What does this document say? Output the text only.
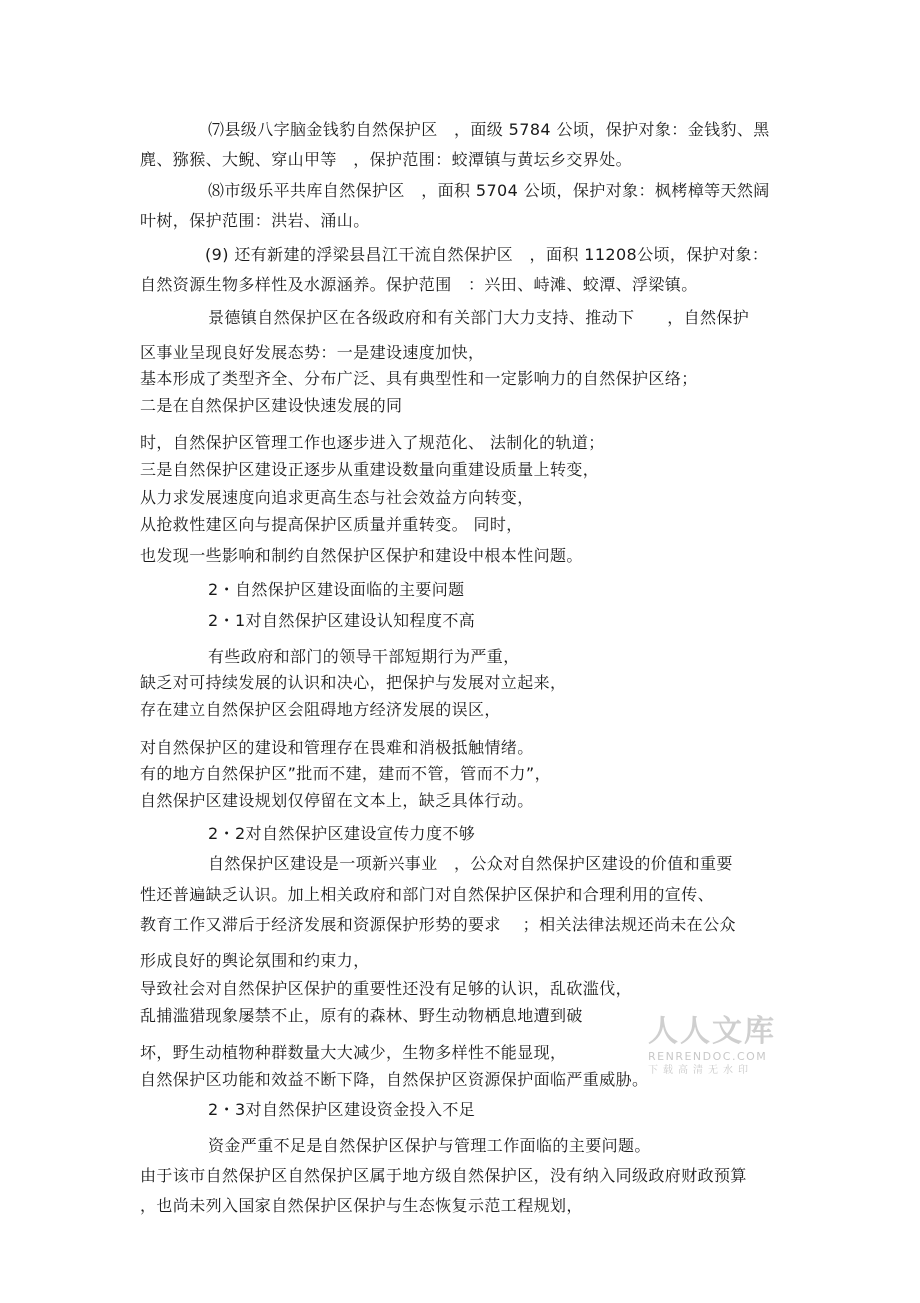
⑺县级八字脑金钱豹自然保护区　，面级 5784 公顷，保护对象：金钱豹、黑
麂、猕猴、大鲵、穿山甲等　，保护范围：蛟潭镇与黄坛乡交界处。
⑻市级乐平共库自然保护区　，面积 5704 公顷，保护对象：枫栲樟等天然阔
叶树，保护范围：洪岩、涌山。
(9) 还有新建的浮梁县昌江干流自然保护区　，面积 11208公顷，保护对象：
自然资源生物多样性及水源涵养。保护范围　：兴田、峙滩、蛟潭、浮梁镇。
景德镇自然保护区在各级政府和有关部门大力支持、推动下　　，自然保护
区事业呈现良好发展态势：一是建设速度加快，
基本形成了类型齐全、分布广泛、具有典型性和一定影响力的自然保护区络；
二是在自然保护区建设快速发展的同
时，自然保护区管理工作也逐步进入了规范化、 法制化的轨道；
三是自然保护区建设正逐步从重建设数量向重建设质量上转变，
从力求发展速度向追求更高生态与社会效益方向转变，
从抢救性建区向与提高保护区质量并重转变。 同时，
也发现一些影响和制约自然保护区保护和建设中根本性问题。
2・自然保护区建设面临的主要问题
2・1对自然保护区建设认知程度不高
有些政府和部门的领导干部短期行为严重，
缺乏对可持续发展的认识和决心，把保护与发展对立起来，
存在建立自然保护区会阻碍地方经济发展的误区，
对自然保护区的建设和管理存在畏难和消极抵触情绪。
有的地方自然保护区”批而不建，建而不管，管而不力”，
自然保护区建设规划仅停留在文本上，缺乏具体行动。
2・2对自然保护区建设宣传力度不够
自然保护区建设是一项新兴事业　，公众对自然保护区建设的价值和重要
性还普遍缺乏认识。加上相关政府和部门对自然保护区保护和合理利用的宣传、
教育工作又滞后于经济发展和资源保护形势的要求　 ；相关法律法规还尚未在公众
形成良好的舆论氛围和约束力，
导致社会对自然保护区保护的重要性还没有足够的认识，乱砍滥伐，
乱捕滥猎现象屡禁不止，原有的森林、野生动物栖息地遭到破
坏，野生动植物种群数量大大减少，生物多样性不能显现，
自然保护区功能和效益不断下降，自然保护区资源保护面临严重威胁。
2・3对自然保护区建设资金投入不足
资金严重不足是自然保护区保护与管理工作面临的主要问题。
由于该市自然保护区自然保护区属于地方级自然保护区，没有纳入同级政府财政预算
，也尚未列入国家自然保护区保护与生态恢复示范工程规划，
人人文库
RENRENDOC.COM
下载高清无水印
